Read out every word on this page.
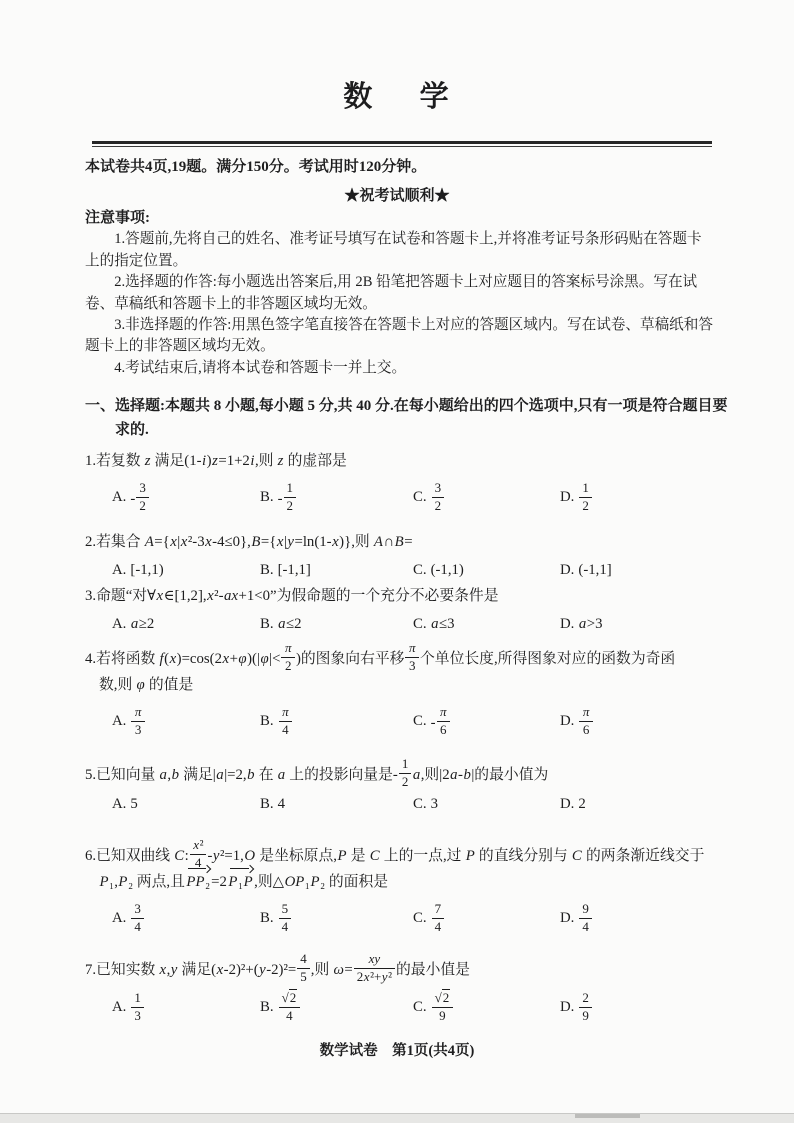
数 学

本试卷共4页,19题。满分150分。考试用时120分钟。

★祝考试顺利★

注意事项:

1.答题前,先将自己的姓名、准考证号填写在试卷和答题卡上,并将准考证号条形码贴在答题卡上的指定位置。

2.选择题的作答:每小题选出答案后,用 2B 铅笔把答题卡上对应题目的答案标号涂黑。写在试卷、草稿纸和答题卡上的非答题区域均无效。

3.非选择题的作答:用黑色签字笔直接答在答题卡上对应的答题区域内。写在试卷、草稿纸和答题卡上的非答题区域均无效。

4.考试结束后,请将本试卷和答题卡一并上交。

一、选择题:本题共 8 小题,每小题 5 分,共 40 分.在每小题给出的四个选项中,只有一项是符合题目要

求的.

1.若复数 z 满足(1-i)z=1+2i,则 z 的虚部是

A. - $\frac{3}{2}$	B. - $\frac{1}{2}$	C. $\frac{3}{2}$	D. $\frac{1}{2}$

2.若集合 A={x|x²-3x-4≤0},B={x|y=ln(1-x)},则 A∩B=

A. [-1,1)	B. [-1,1]	C. (-1,1)	D. (-1,1]

3.命题“对∀x∈[1,2],x²-ax+1<0”为假命题的一个充分不必要条件是

A. a≥2	B. a≤2	C. a≤3	D. a>3

4.若将函数 $f(x)=\cos(2x+\varphi)(|\varphi|< \frac{\pi}{2}$ )的图象向右平移 $\frac{\pi}{3}$ 个单位长度,所得图象对应的函数为奇函

数,则 φ 的值是

A. $\frac{\pi}{3}$	B. $\frac{\pi}{4}$	C. - $\frac{\pi}{6}$	D. $\frac{\pi}{6}$

5.已知向量 a,b 满足|a|=2,b 在 a 上的投影向量是- $\frac{1}{2} a$,则|2a-b|的最小值为

A. 5	B. 4	C. 3	D. 2

6.已知双曲线 C: $\frac{\text{x²}}{4} -y^2=1,O$ 是坐标原点,P 是 C 上的一点,过 P 的直线分别与 C 的两条渐近线交于

P₁,P₂ 两点,且 PP₂=2 P₁P ,则△OP₁P₂ 的面积是

A. $\frac{3}{4}$	B. $\frac{5}{4}$	C. $\frac{7}{4}$	D. $\frac{9}{4}$

7.已知实数 x,y 满足$(x-2)^2+(y-2)^2= \frac{4}{5}$ ,则 $\omega= \frac{xy}{\text{2x²+y²}}$ 的最小值是

A. $\frac{1}{3}$	B. $\frac{√2}{4}$	C. $\frac{√2}{9}$	D. $\frac{2}{9}$

数学试卷　第1页(共4页)
